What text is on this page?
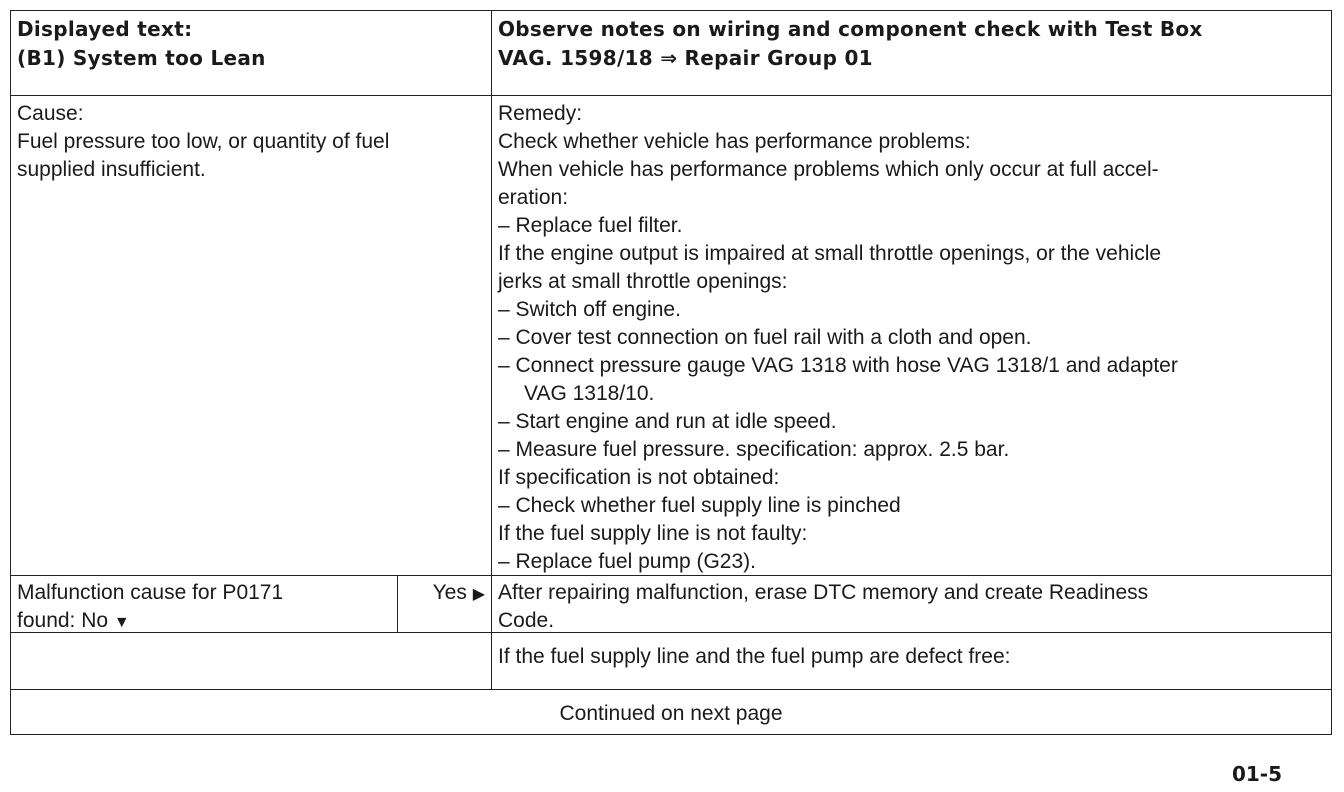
Displayed text:
(B1) System too Lean
Observe notes on wiring and component check with Test Box
VAG. 1598/18 ⇒ Repair Group 01
Cause:
Fuel pressure too low, or quantity of fuel
supplied insufficient.
Remedy:
Check whether vehicle has performance problems:
When vehicle has performance problems which only occur at full accel-
eration:
– Replace fuel filter.
If the engine output is impaired at small throttle openings, or the vehicle
jerks at small throttle openings:
– Switch off engine.
– Cover test connection on fuel rail with a cloth and open.
– Connect pressure gauge VAG 1318 with hose VAG 1318/1 and adapter
VAG 1318/10.
– Start engine and run at idle speed.
– Measure fuel pressure. specification: approx. 2.5 bar.
If specification is not obtained:
– Check whether fuel supply line is pinched
If the fuel supply line is not faulty:
– Replace fuel pump (G23).
Malfunction cause for P0171
found: No ▼
Yes ▶ After repairing malfunction, erase DTC memory and create Readiness
Code.
If the fuel supply line and the fuel pump are defect free:
Continued on next page
01-5
